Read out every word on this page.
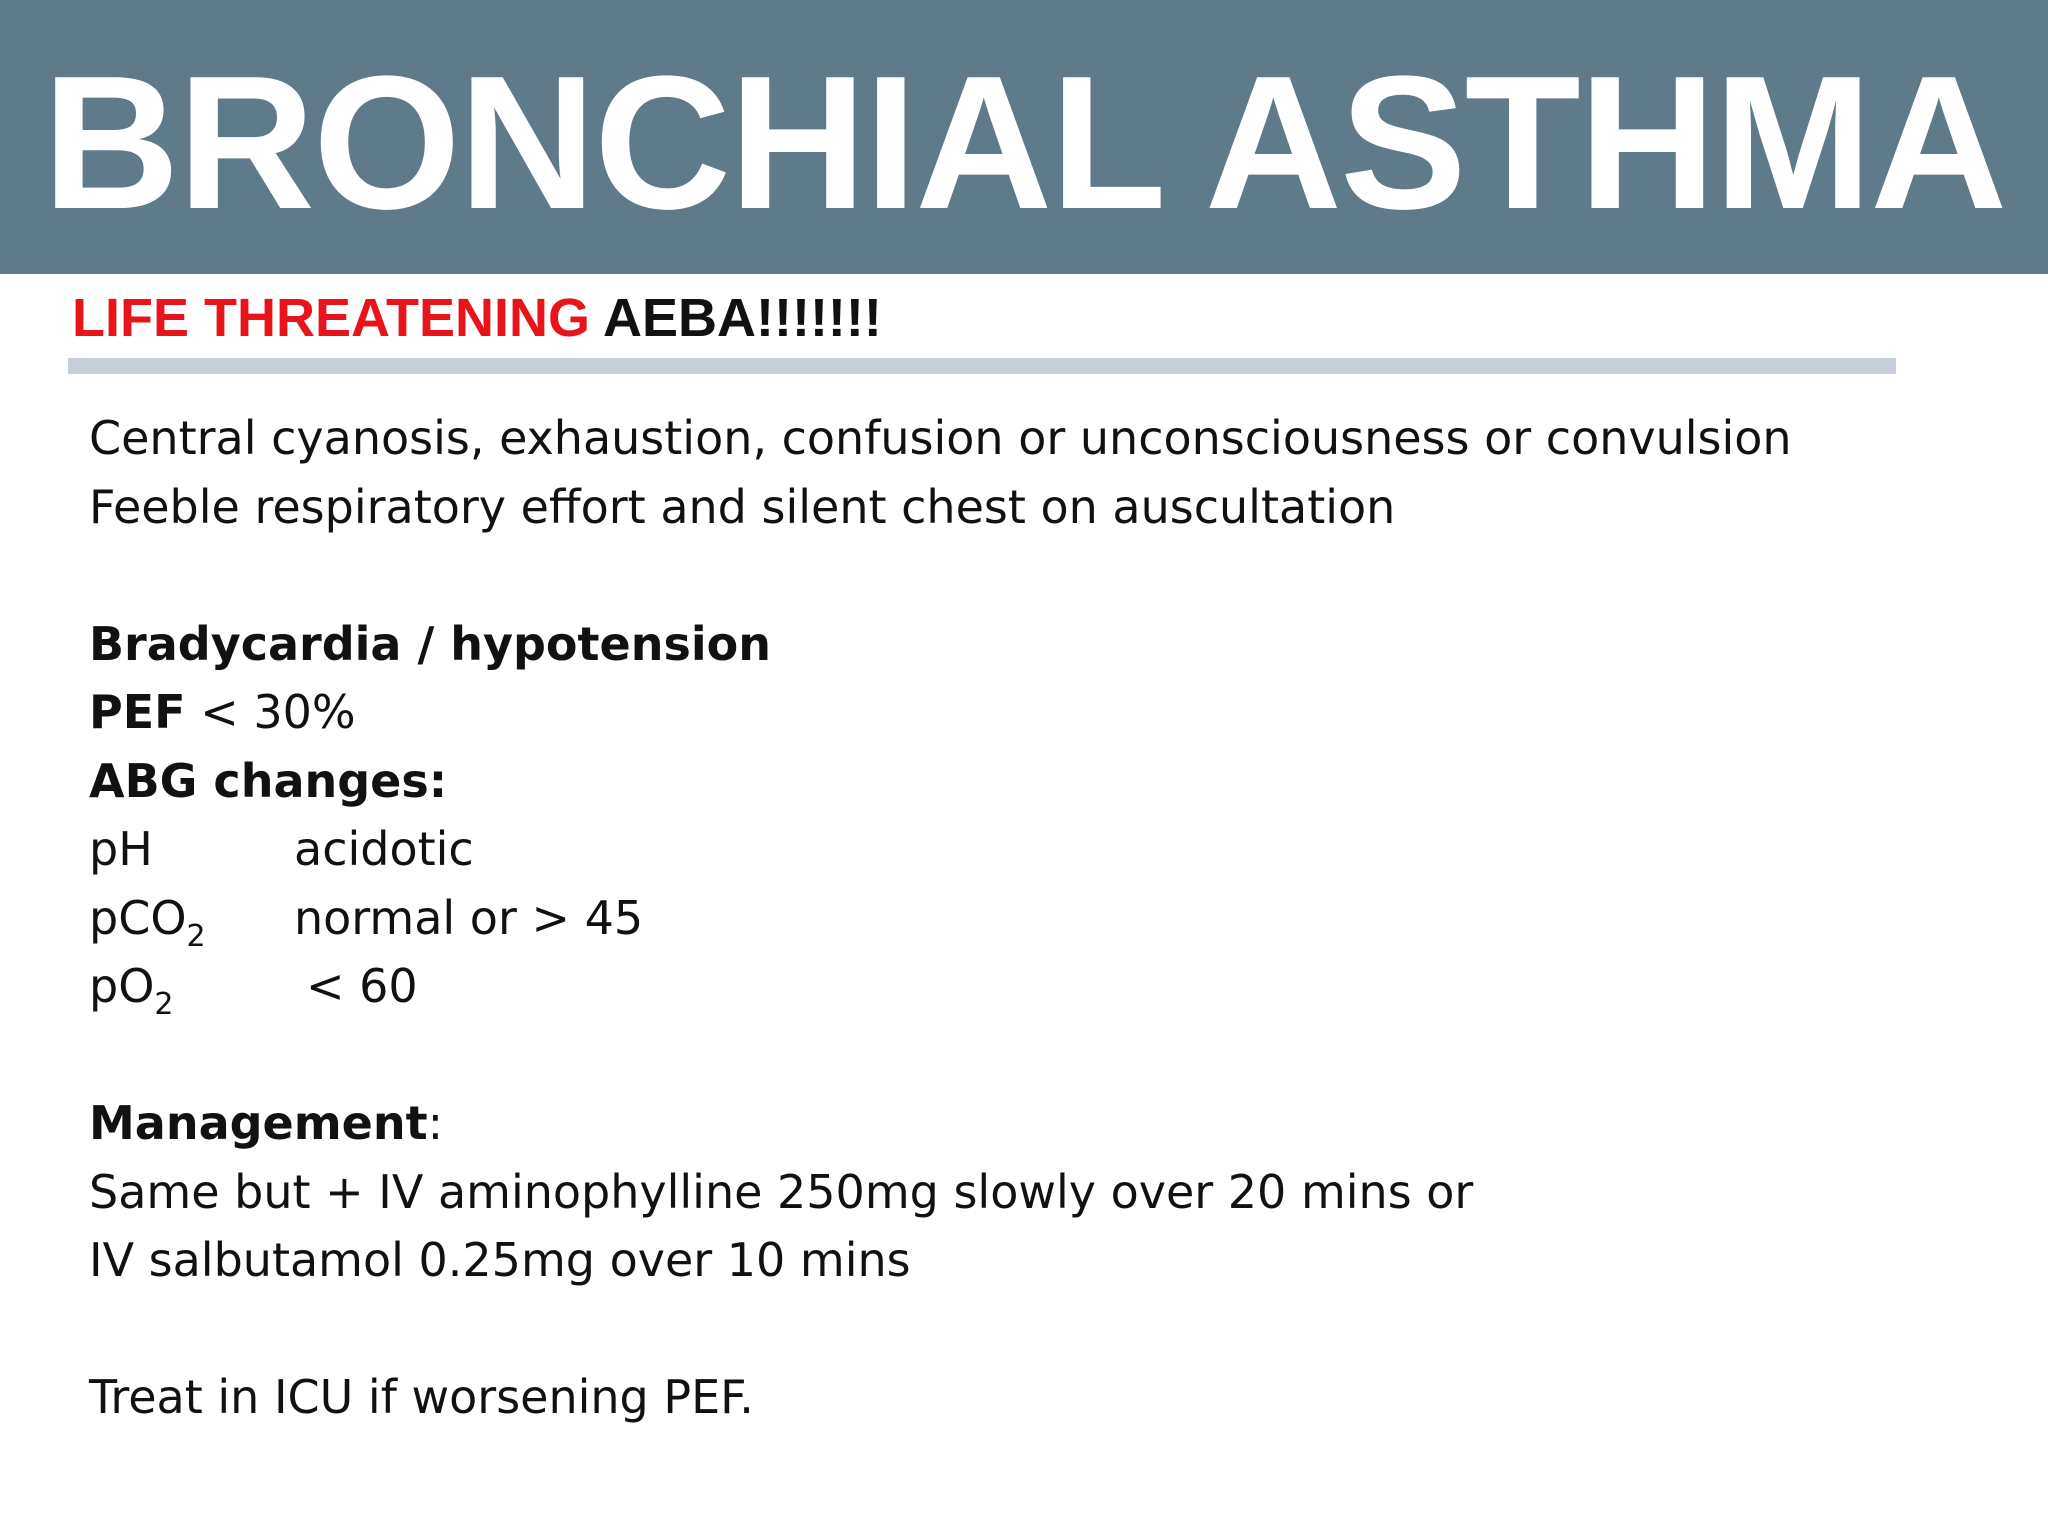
BRONCHIAL ASTHMA
LIFE THREATENING AEBA!!!!!!!
Central cyanosis, exhaustion, confusion or unconsciousness or convulsion
Feeble respiratory effort and silent chest on auscultation
Bradycardia / hypotension
PEF < 30%
ABG changes:
pH	acidotic
pCO$_2$	normal or > 45
$pO_2$	< 60
Management:
Same but + IV aminophylline 250mg slowly over 20 mins or
IV salbutamol 0.25mg over 10 mins
Treat in ICU if worsening PEF.
